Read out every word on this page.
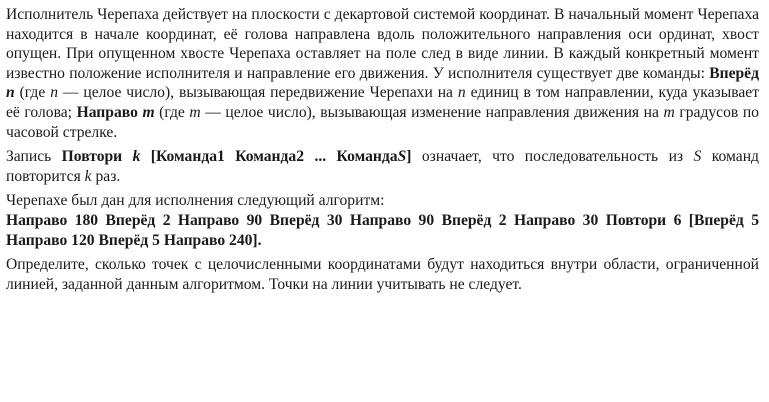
Исполнитель Черепаха действует на плоскости с декартовой системой координат. В начальный момент Черепаха находится в начале координат, её голова направлена вдоль положительного направления оси ординат, хвост опущен. При опущенном хвосте Черепаха оставляет на поле след в виде линии. В каждый конкретный момент известно положение исполнителя и направление его движения. У исполнителя существует две команды: Вперёд n (где n — целое число), вызывающая передвижение Черепахи на n единиц в том направлении, куда указывает её голова; Направо m (где m — целое число), вызывающая изменение направления движения на m градусов по часовой стрелке.

Запись Повтори k [Команда1 Команда2 ... КомандаS] означает, что последовательность из S команд повторится k раз.

Черепахе был дан для исполнения следующий алгоритм:
Направо 180 Вперёд 2 Направо 90 Вперёд 30 Направо 90 Вперёд 2 Направо 30 Повтори 6 [Вперёд 5 Направо 120 Вперёд 5 Направо 240].

Определите, сколько точек с целочисленными координатами будут находиться внутри области, ограниченной линией, заданной данным алгоритмом. Точки на линии учитывать не следует.
